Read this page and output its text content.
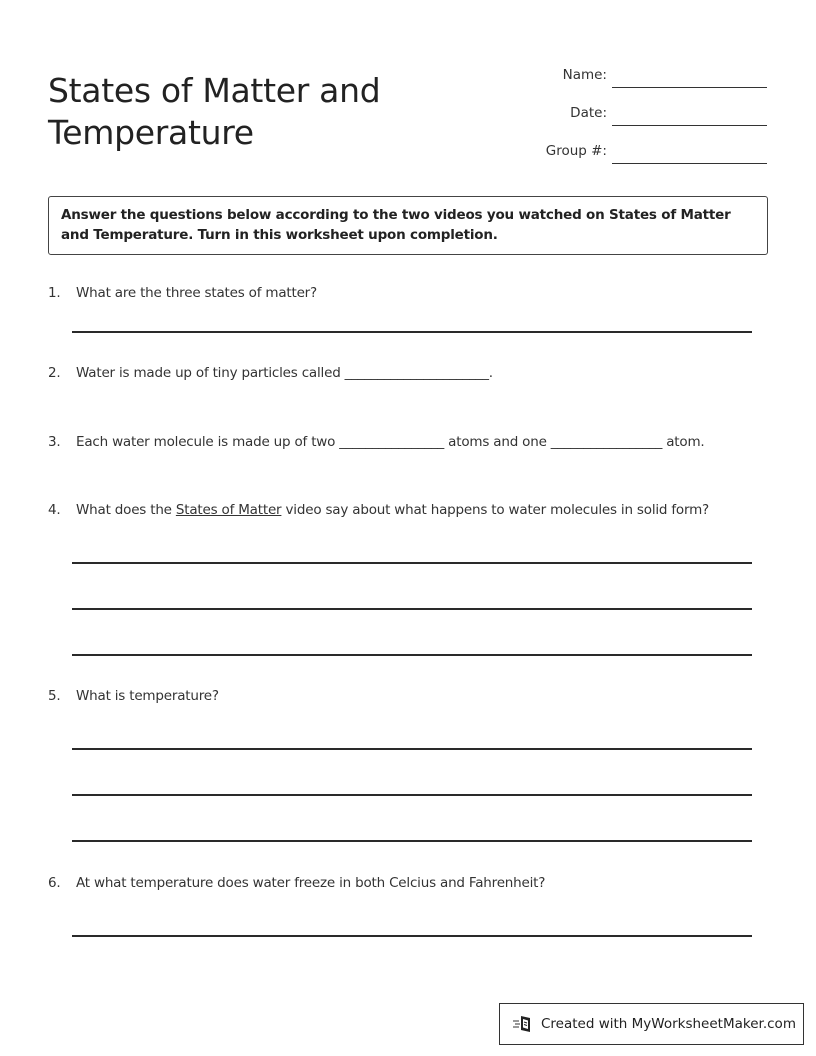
States of Matter and Temperature
Name:
Date:
Group #:
Answer the questions below according to the two videos you watched on States of Matter and Temperature. Turn in this worksheet upon completion.
1. What are the three states of matter?
2. Water is made up of tiny particles called ______________________.
3. Each water molecule is made up of two ________________ atoms and one _________________ atom.
4. What does the States of Matter video say about what happens to water molecules in solid form?
5. What is temperature?
6. At what temperature does water freeze in both Celcius and Fahrenheit?
Created with MyWorksheetMaker.com
